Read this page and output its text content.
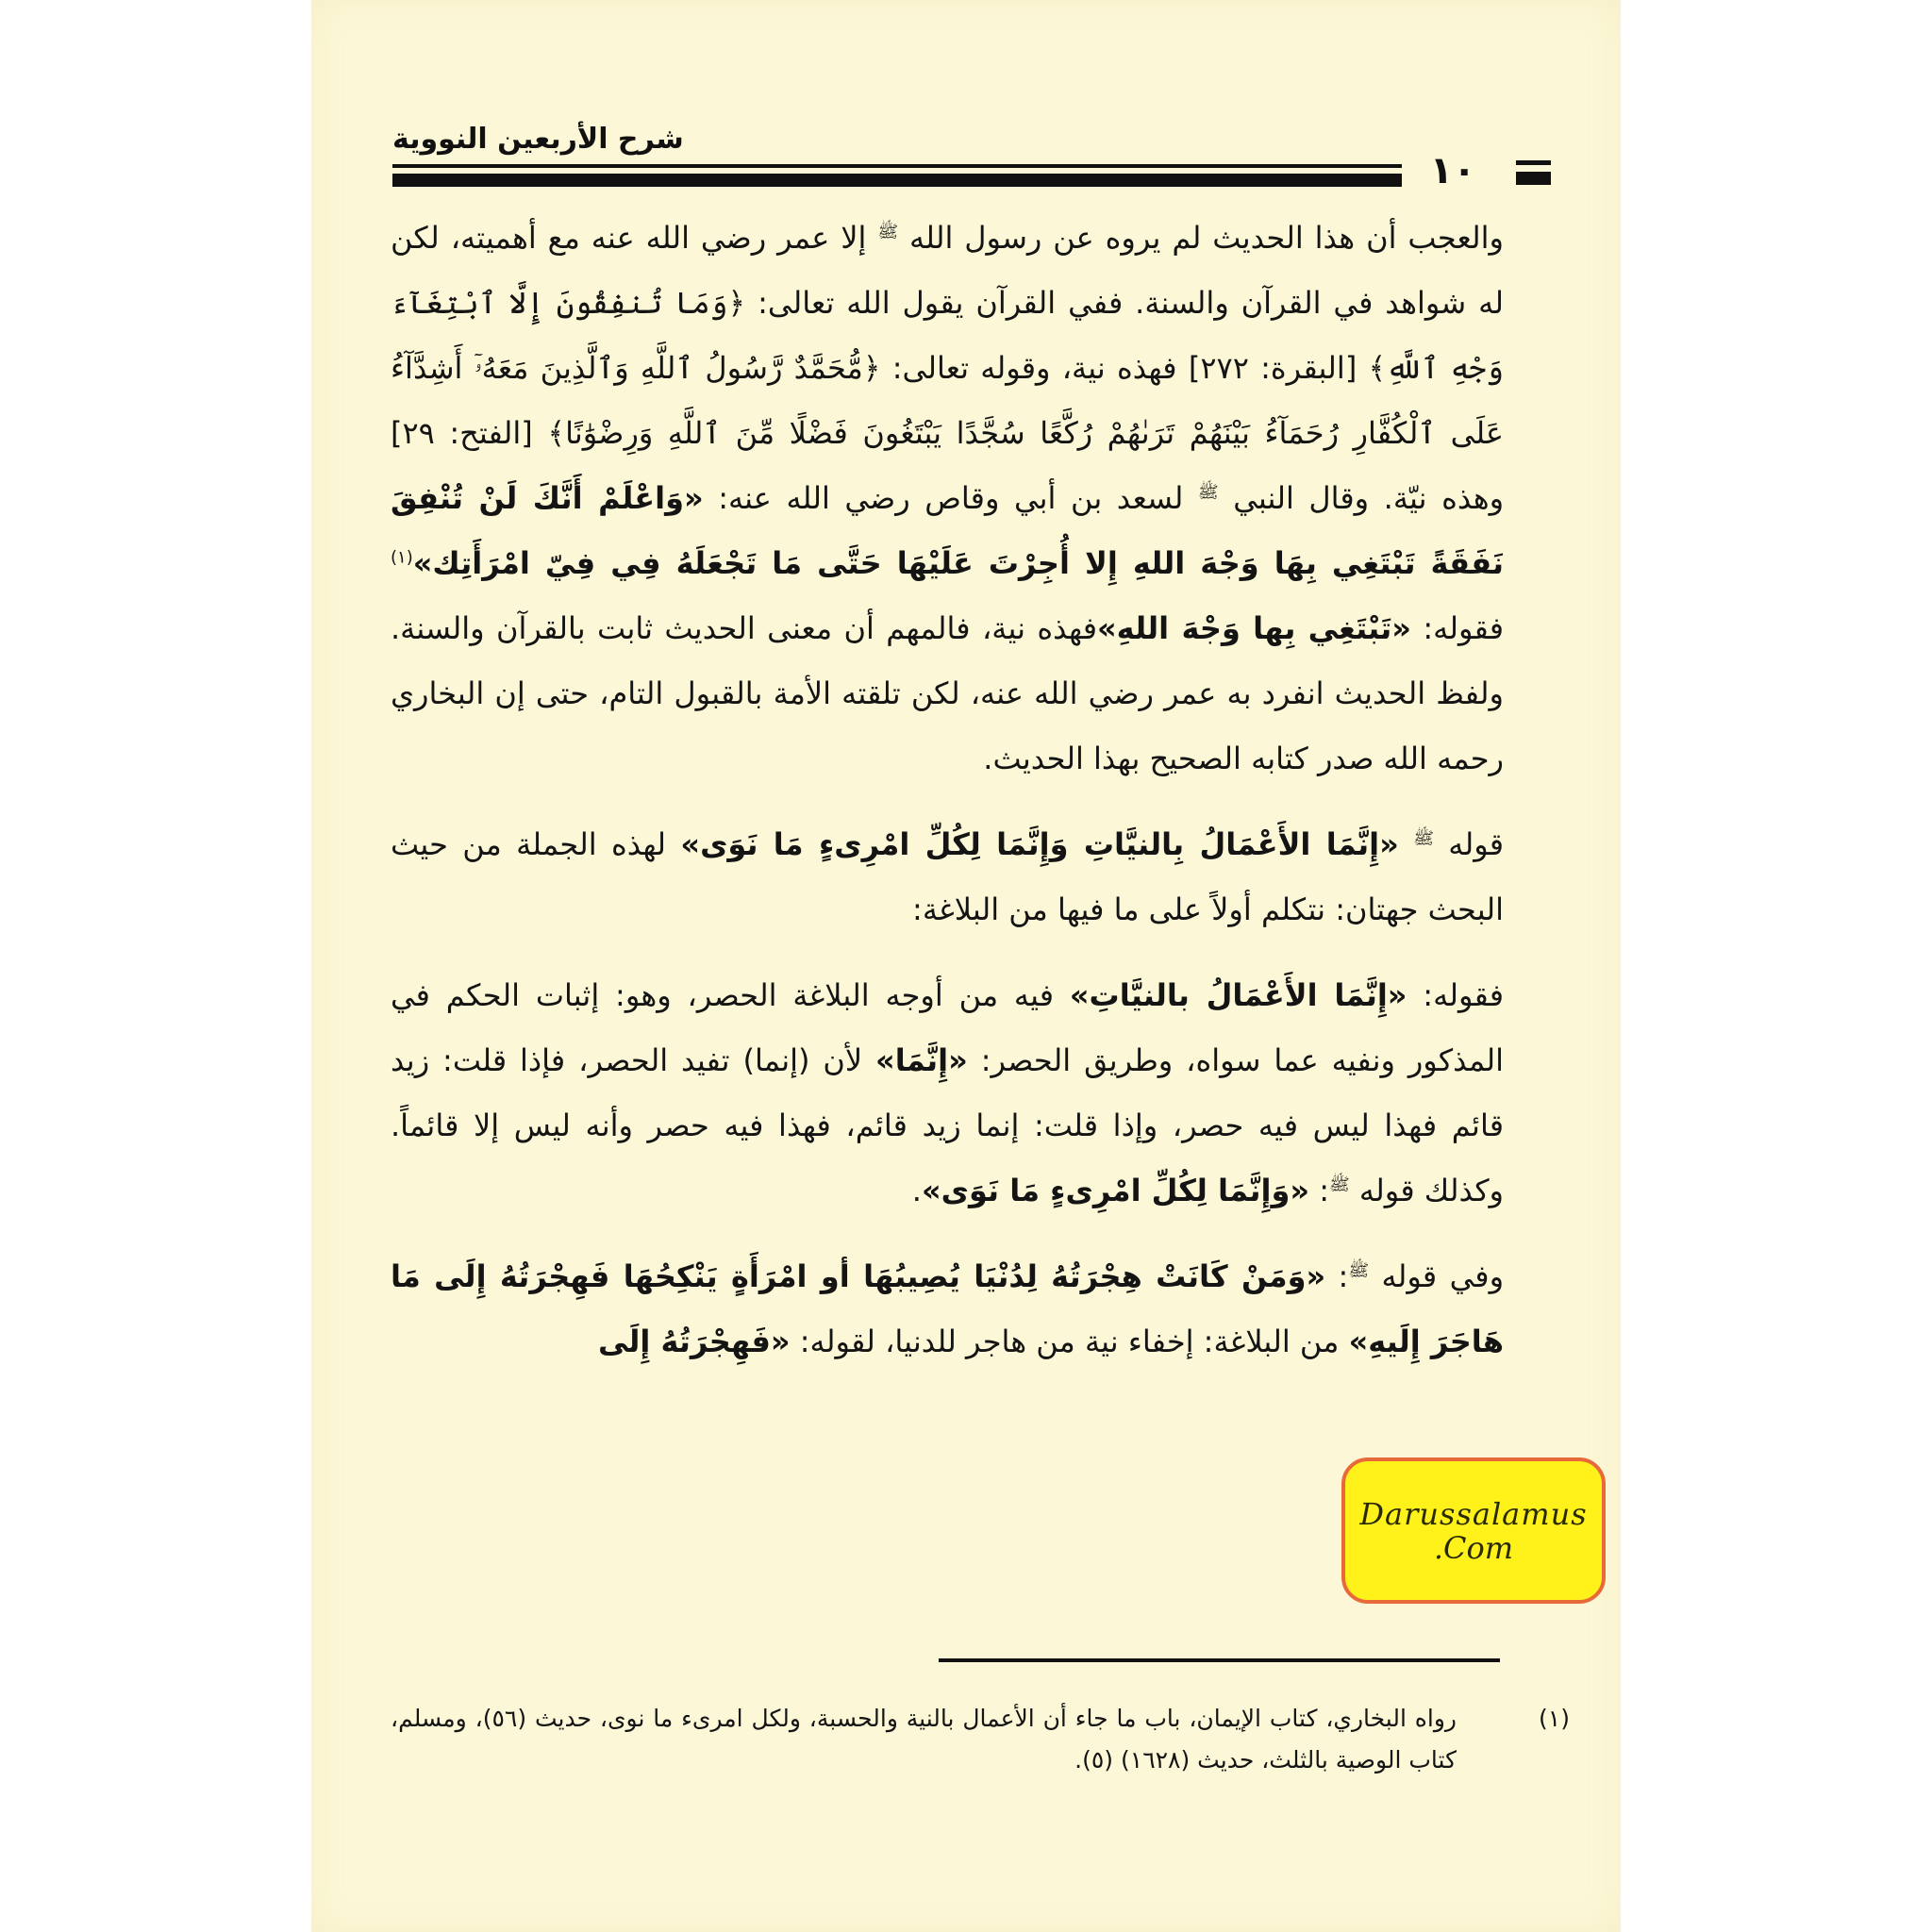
شرح الأربعين النووية
١٠

والعجب أن هذا الحديث لم يروه عن رسول الله $^ﷺ$ إلا عمر رضي الله عنه مع أهميته، لكن له شواهد في القرآن والسنة. ففي القرآن يقول الله تعالى: ﴿وَمَا تُنفِقُونَ إِلَّا ٱبْتِغَآءَ وَجْهِ ٱللَّهِ﴾ [البقرة: ٢٧٢] فهذه نية، وقوله تعالى: ﴿مُّحَمَّدٌ رَّسُولُ ٱللَّهِ وَٱلَّذِينَ مَعَهُۥٓ أَشِدَّآءُ عَلَى ٱلْكُفَّارِ رُحَمَآءُ بَيْنَهُمْ تَرَىٰهُمْ رُكَّعًا سُجَّدًا يَبْتَغُونَ فَضْلًا مِّنَ ٱللَّهِ وَرِضْوَٰنًا﴾ [الفتح: ٢٩] وهذه نيّة. وقال النبي $^ﷺ$ لسعد بن أبي وقاص رضي الله عنه: «وَاعْلَمْ أَنَّكَ لَنْ تُنْفِقَ نَفَقَةً تَبْتَغِي بِهَا وَجْهَ اللهِ إِلا أُجِرْتَ عَلَيْهَا حَتَّى مَا تَجْعَلَهُ فِي فِيّ امْرَأَتِك»$^{(١)}$ فقوله: «تَبْتَغِي بِها وَجْهَ اللهِ»فهذه نية، فالمهم أن معنى الحديث ثابت بالقرآن والسنة. ولفظ الحديث انفرد به عمر رضي الله عنه، لكن تلقته الأمة بالقبول التام، حتى إن البخاري رحمه الله صدر كتابه الصحيح بهذا الحديث.

قوله $^ﷺ$ «إِنَّمَا الأَعْمَالُ بِالنيَّاتِ وَإِنَّمَا لِكُلِّ امْرِىءٍ مَا نَوَى» لهذه الجملة من حيث البحث جهتان: نتكلم أولاً على ما فيها من البلاغة:

فقوله: «إِنَّمَا الأَعْمَالُ بالنيَّاتِ» فيه من أوجه البلاغة الحصر، وهو: إثبات الحكم في المذكور ونفيه عما سواه، وطريق الحصر: «إِنَّمَا» لأن (إنما) تفيد الحصر، فإذا قلت: زيد قائم فهذا ليس فيه حصر، وإذا قلت: إنما زيد قائم، فهذا فيه حصر وأنه ليس إلا قائماً. وكذلك قوله $^ﷺ$: «وَإِنَّمَا لِكُلِّ امْرِىءٍ مَا نَوَى».

وفي قوله $^ﷺ$: «وَمَنْ كَانَتْ هِجْرَتُهُ لِدُنْيَا يُصِيبُهَا أو امْرَأَةٍ يَنْكِحُهَا فَهِجْرَتُهُ إِلَى مَا هَاجَرَ إِلَيهِ» من البلاغة: إخفاء نية من هاجر للدنيا، لقوله: «فَهِجْرَتُهُ إِلَى

(١)رواه البخاري، كتاب الإيمان، باب ما جاء أن الأعمال بالنية والحسبة، ولكل امرىء ما نوى، حديث (٥٦)، ومسلم، كتاب الوصية بالثلث، حديث (١٦٢٨) (٥).
Darussalamus
.Com
